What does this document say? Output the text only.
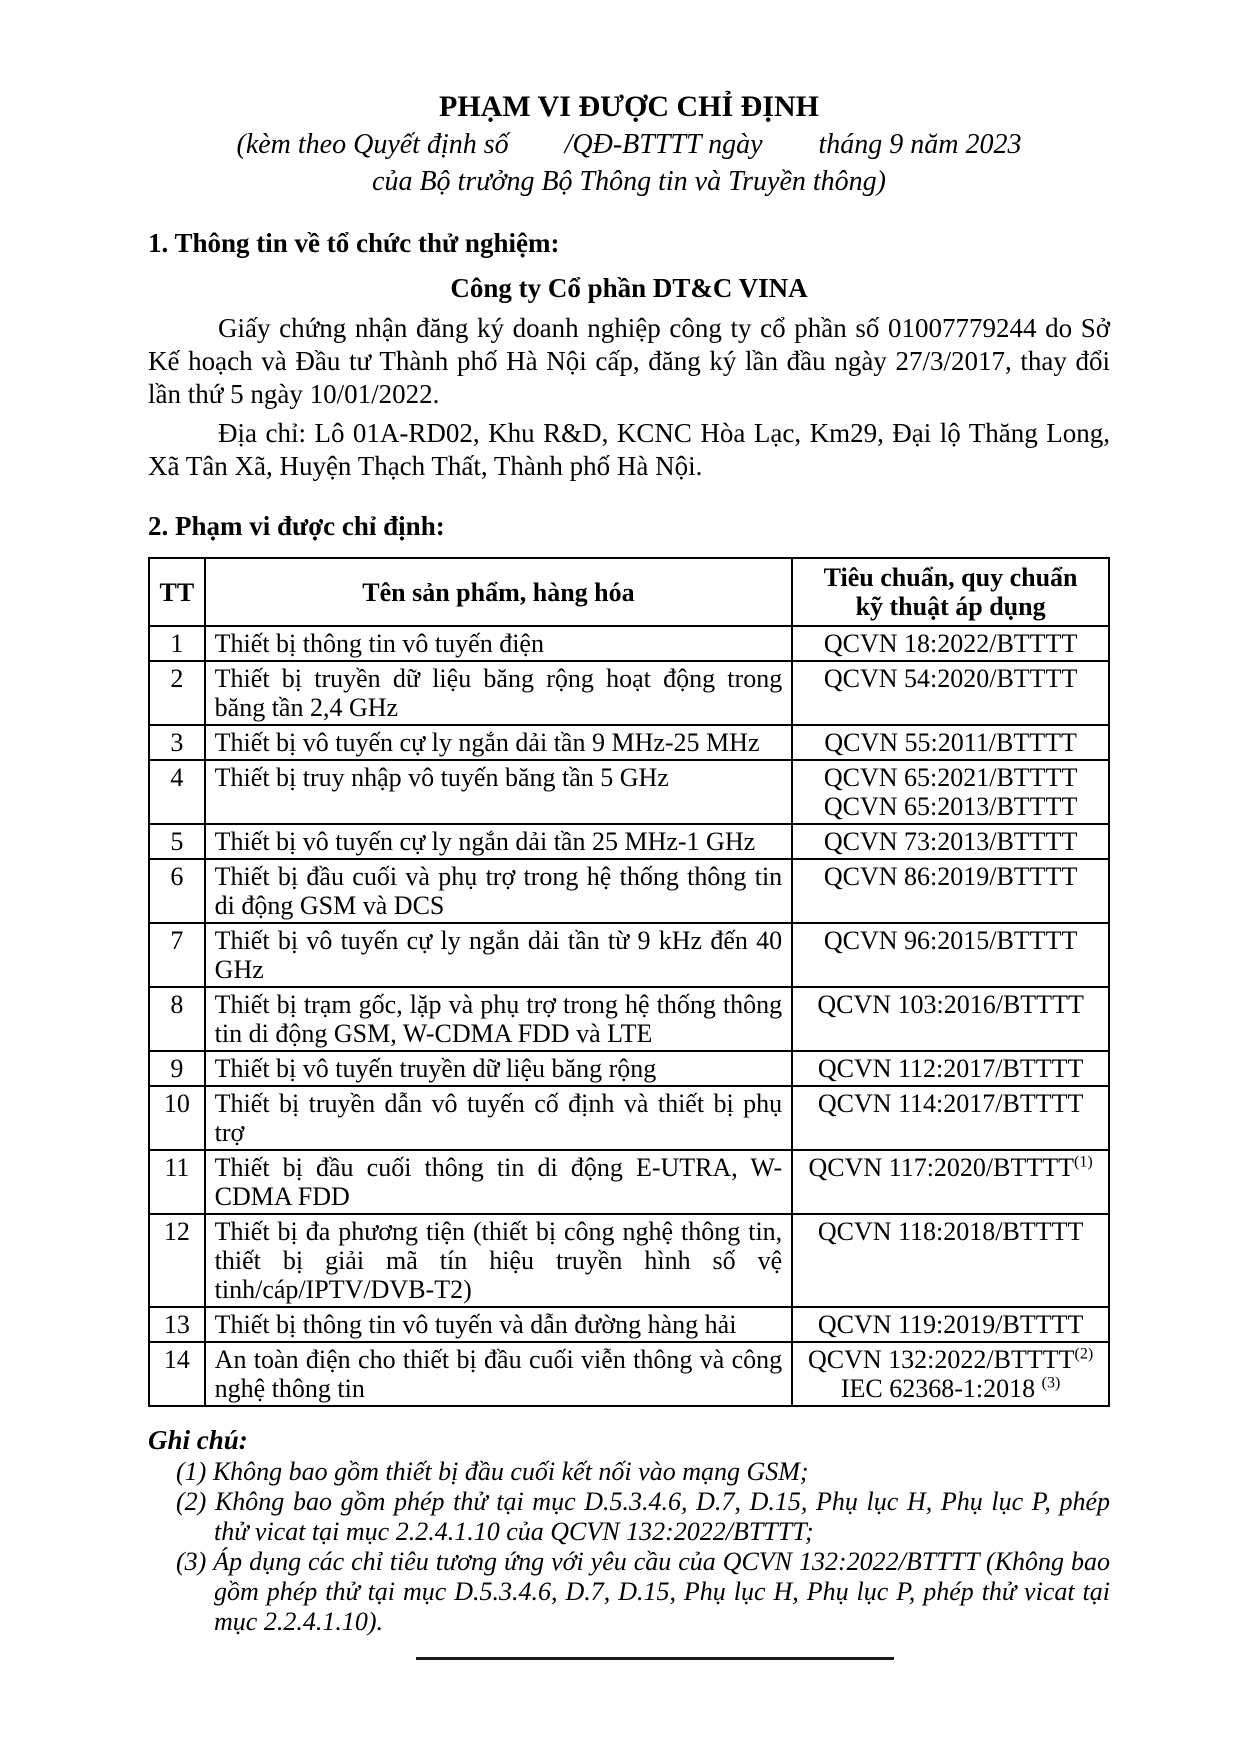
PHẠM VI ĐƯỢC CHỈ ĐỊNH
(kèm theo Quyết định số        /QĐ-BTTTT ngày        tháng 9 năm 2023
của Bộ trưởng Bộ Thông tin và Truyền thông)
1. Thông tin về tổ chức thử nghiệm:
Công ty Cổ phần DT&C VINA

Giấy chứng nhận đăng ký doanh nghiệp công ty cổ phần số 01007779244 do Sở Kế hoạch và Đầu tư Thành phố Hà Nội cấp, đăng ký lần đầu ngày 27/3/2017, thay đổi lần thứ 5 ngày 10/01/2022.

Địa chỉ: Lô 01A-RD02, Khu R&D, KCNC Hòa Lạc, Km29, Đại lộ Thăng Long, Xã Tân Xã, Huyện Thạch Thất, Thành phố Hà Nội.

2. Phạm vi được chỉ định:
TT	Tên sản phẩm, hàng hóa	Tiêu chuẩn, quy chuẩn
kỹ thuật áp dụng
1	Thiết bị thông tin vô tuyến điện	QCVN 18:2022/BTTTT

2	Thiết bị truyền dữ liệu băng rộng hoạt động trong băng tần 2,4 GHz	QCVN 54:2020/BTTTT

3	Thiết bị vô tuyến cự ly ngắn dải tần 9 MHz-25 MHz	QCVN 55:2011/BTTTT

4	Thiết bị truy nhập vô tuyến băng tần 5 GHz	QCVN 65:2021/BTTTT
QCVN 65:2013/BTTTT

5	Thiết bị vô tuyến cự ly ngắn dải tần 25 MHz-1 GHz	QCVN 73:2013/BTTTT

6	Thiết bị đầu cuối và phụ trợ trong hệ thống thông tin di động GSM và DCS	QCVN 86:2019/BTTTT

7	Thiết bị vô tuyến cự ly ngắn dải tần từ 9 kHz đến 40 GHz	QCVN 96:2015/BTTTT

8	Thiết bị trạm gốc, lặp và phụ trợ trong hệ thống thông tin di động GSM, W-CDMA FDD và LTE	QCVN 103:2016/BTTTT

9	Thiết bị vô tuyến truyền dữ liệu băng rộng	QCVN 112:2017/BTTTT

10	Thiết bị truyền dẫn vô tuyến cố định và thiết bị phụ trợ	QCVN 114:2017/BTTTT

11	Thiết bị đầu cuối thông tin di động E-UTRA, W-CDMA FDD	QCVN 117:2020/BTTTT$^{(1)}$

12	Thiết bị đa phương tiện (thiết bị công nghệ thông tin, thiết bị giải mã tín hiệu truyền hình số vệ tinh/cáp/IPTV/DVB-T2)	QCVN 118:2018/BTTTT

13	Thiết bị thông tin vô tuyến và dẫn đường hàng hải	QCVN 119:2019/BTTTT

14	An toàn điện cho thiết bị đầu cuối viễn thông và công nghệ thông tin	QCVN 132:2022/BTTTT$^{(2)}$
IEC 62368-1:2018 $^{(3)}$
Ghi chú:
(1) Không bao gồm thiết bị đầu cuối kết nối vào mạng GSM;
(2) Không bao gồm phép thử tại mục D.5.3.4.6, D.7, D.15, Phụ lục H, Phụ lục P, phép thử vicat tại mục 2.2.4.1.10 của QCVN 132:2022/BTTTT;
(3) Áp dụng các chỉ tiêu tương ứng với yêu cầu của QCVN 132:2022/BTTTT (Không bao gồm phép thử tại mục D.5.3.4.6, D.7, D.15, Phụ lục H, Phụ lục P, phép thử vicat tại mục 2.2.4.1.10).
